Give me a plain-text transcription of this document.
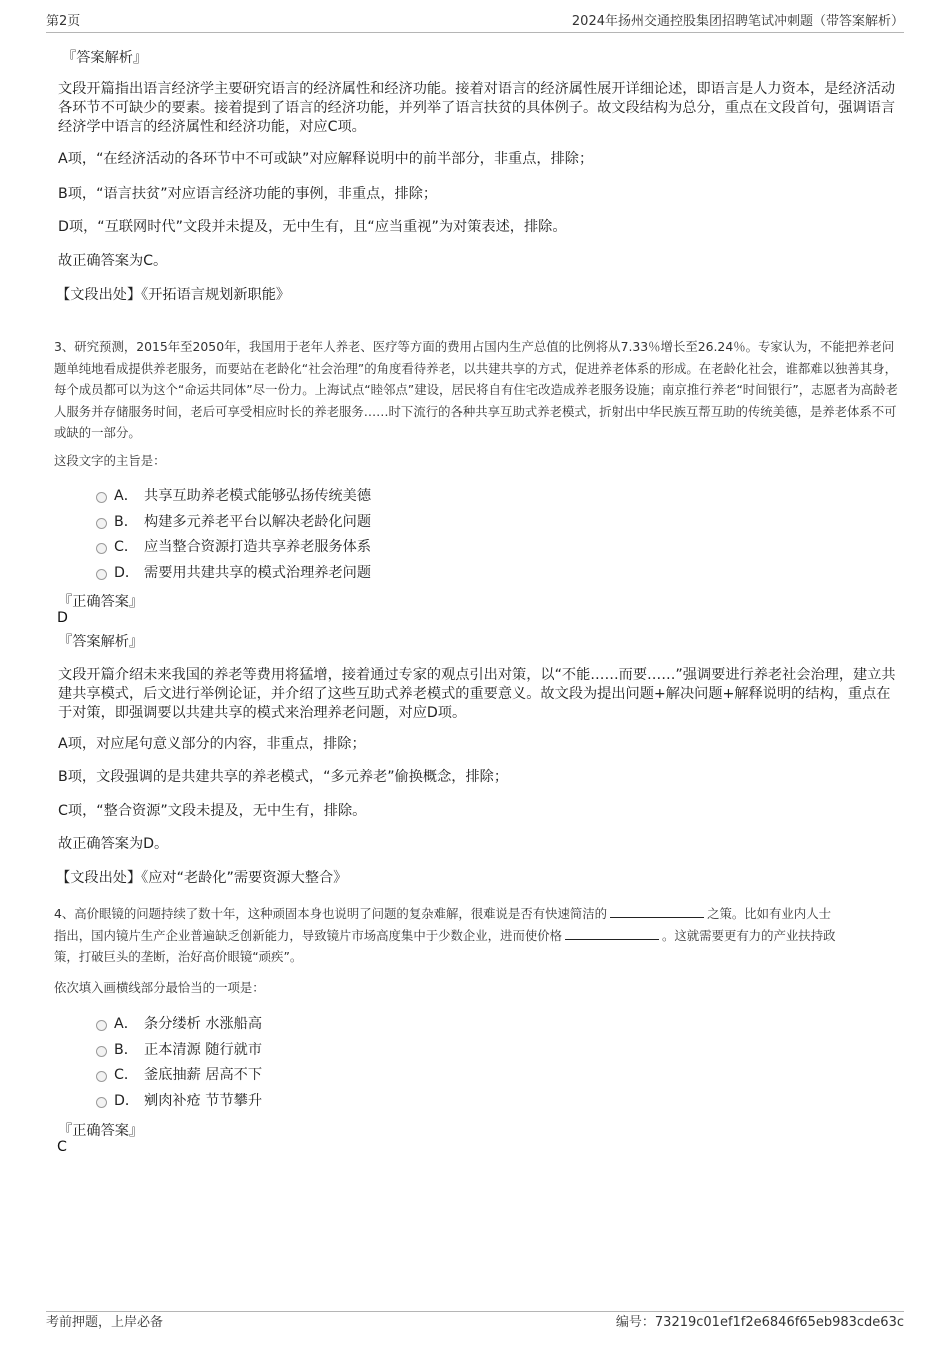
第2页	2024年扬州交通控股集团招聘笔试冲刺题（带答案解析）
『答案解析』
文段开篇指出语言经济学主要研究语言的经济属性和经济功能。接着对语言的经济属性展开详细论述，即语言是人力资本，是经济活动各环节不可缺少的要素。接着提到了语言的经济功能，并列举了语言扶贫的具体例子。故文段结构为总分，重点在文段首句，强调语言经济学中语言的经济属性和经济功能，对应C项。
A项，“在经济活动的各环节中不可或缺”对应解释说明中的前半部分，非重点，排除；
B项，“语言扶贫”对应语言经济功能的事例，非重点，排除；
D项，“互联网时代”文段并未提及，无中生有，且“应当重视”为对策表述，排除。
故正确答案为C。
【文段出处】《开拓语言规划新职能》
3、研究预测，2015年至2050年，我国用于老年人养老、医疗等方面的费用占国内生产总值的比例将从7.33％增长至26.24％。专家认为，不能把养老问题单纯地看成提供养老服务，而要站在老龄化“社会治理”的角度看待养老，以共建共享的方式，促进养老体系的形成。在老龄化社会，谁都难以独善其身，每个成员都可以为这个“命运共同体”尽一份力。上海试点“睦邻点”建设，居民将自有住宅改造成养老服务设施；南京推行养老“时间银行”，志愿者为高龄老人服务并存储服务时间，老后可享受相应时长的养老服务……时下流行的各种共享互助式养老模式，折射出中华民族互帮互助的传统美德，是养老体系不可或缺的一部分。
这段文字的主旨是：
A． 共享互助养老模式能够弘扬传统美德
B． 构建多元养老平台以解决老龄化问题
C． 应当整合资源打造共享养老服务体系
D． 需要用共建共享的模式治理养老问题
『正确答案』
D
『答案解析』
文段开篇介绍未来我国的养老等费用将猛增，接着通过专家的观点引出对策，以“不能……而要……”强调要进行养老社会治理，建立共建共享模式，后文进行举例论证，并介绍了这些互助式养老模式的重要意义。故文段为提出问题+解决问题+解释说明的结构，重点在于对策，即强调要以共建共享的模式来治理养老问题，对应D项。
A项，对应尾句意义部分的内容，非重点，排除；
B项，文段强调的是共建共享的养老模式，“多元养老”偷换概念，排除；
C项，“整合资源”文段未提及，无中生有，排除。
故正确答案为D。
【文段出处】《应对“老龄化”需要资源大整合》
4、高价眼镜的问题持续了数十年，这种顽固本身也说明了问题的复杂难解，很难说是否有快速简洁的	之策。比如有业内人士
指出，国内镜片生产企业普遍缺乏创新能力，导致镜片市场高度集中于少数企业，进而使价格	。这就需要更有力的产业扶持政
策，打破巨头的垄断，治好高价眼镜“顽疾”。
依次填入画横线部分最恰当的一项是：
A． 条分缕析 水涨船高
B． 正本清源 随行就市
C． 釜底抽薪 居高不下
D． 剜肉补疮 节节攀升
『正确答案』
C
考前押题，上岸必备	编号：73219c01ef1f2e6846f65eb983cde63c
